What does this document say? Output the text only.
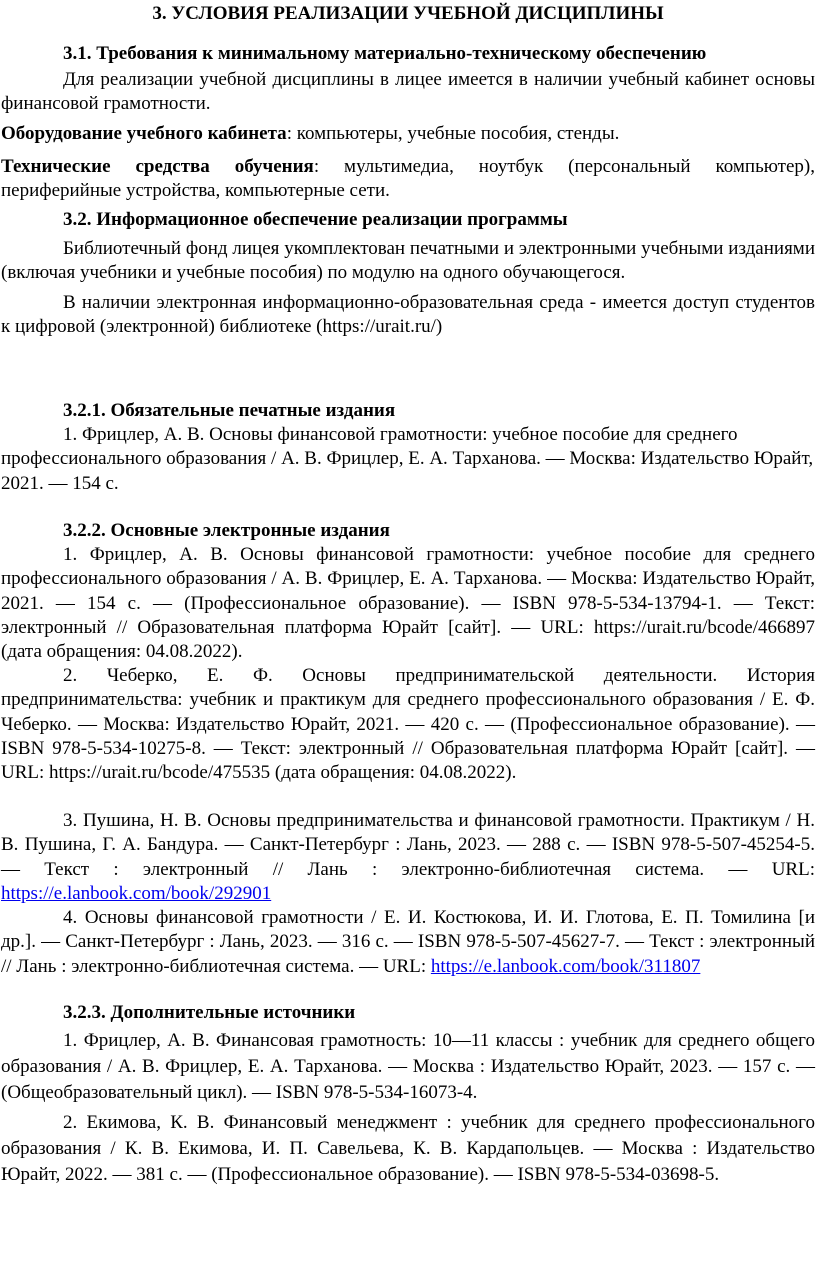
3. УСЛОВИЯ РЕАЛИЗАЦИИ УЧЕБНОЙ ДИСЦИПЛИНЫ

3.1. Требования к минимальному материально-техническому обеспечению

Для реализации учебной дисциплины в лицее имеется в наличии учебный кабинет основы финансовой грамотности.

Оборудование учебного кабинета: компьютеры, учебные пособия, стенды.

Технические средства обучения: мультимедиа, ноутбук (персональный компьютер), периферийные устройства, компьютерные сети.

3.2. Информационное обеспечение реализации программы

Библиотечный фонд лицея укомплектован печатными и электронными учебными изданиями (включая учебники и учебные пособия) по модулю на одного обучающегося.

В наличии электронная информационно-образовательная среда - имеется доступ студентов к цифровой (электронной) библиотеке (https://urait.ru/)

3.2.1. Обязательные печатные издания

1. Фрицлер, А. В. Основы финансовой грамотности: учебное пособие для среднего профессионального образования / А. В. Фрицлер, Е. А. Тарханова. — Москва: Издательство Юрайт, 2021. — 154 с.

3.2.2. Основные электронные издания

1. Фрицлер, А. В. Основы финансовой грамотности: учебное пособие для среднего профессионального образования / А. В. Фрицлер, Е. А. Тарханова. — Москва: Издательство Юрайт, 2021. — 154 с. — (Профессиональное образование). — ISBN 978-5-534-13794-1. — Текст: электронный // Образовательная платформа Юрайт [сайт]. — URL: https://urait.ru/bcode/466897 (дата обращения: 04.08.2022).

2. Чеберко, Е. Ф. Основы предпринимательской деятельности. История предпринимательства: учебник и практикум для среднего профессионального образования / Е. Ф. Чеберко. — Москва: Издательство Юрайт, 2021. — 420 с. — (Профессиональное образование). — ISBN 978-5-534-10275-8. — Текст: электронный // Образовательная платформа Юрайт [сайт]. — URL: https://urait.ru/bcode/475535 (дата обращения: 04.08.2022).

3. Пушина, Н. В. Основы предпринимательства и финансовой грамотности. Практикум / Н. В. Пушина, Г. А. Бандура. — Санкт-Петербург : Лань, 2023. — 288 с. — ISBN 978-5-507-45254-5. — Текст : электронный // Лань : электронно-библиотечная система. — URL: https://e.lanbook.com/book/292901

4. Основы финансовой грамотности / Е. И. Костюкова, И. И. Глотова, Е. П. Томилина [и др.]. — Санкт-Петербург : Лань, 2023. — 316 с. — ISBN 978-5-507-45627-7. — Текст : электронный // Лань : электронно-библиотечная система. — URL: https://e.lanbook.com/book/311807

3.2.3. Дополнительные источники

1. Фрицлер, А. В. Финансовая грамотность: 10—11 классы : учебник для среднего общего образования / А. В. Фрицлер, Е. А. Тарханова. — Москва : Издательство Юрайт, 2023. — 157 с. — (Общеобразовательный цикл). — ISBN 978-5-534-16073-4.

2. Екимова, К. В. Финансовый менеджмент : учебник для среднего профессионального образования / К. В. Екимова, И. П. Савельева, К. В. Кардапольцев. — Москва : Издательство Юрайт, 2022. — 381 с. — (Профессиональное образование). — ISBN 978-5-534-03698-5.
